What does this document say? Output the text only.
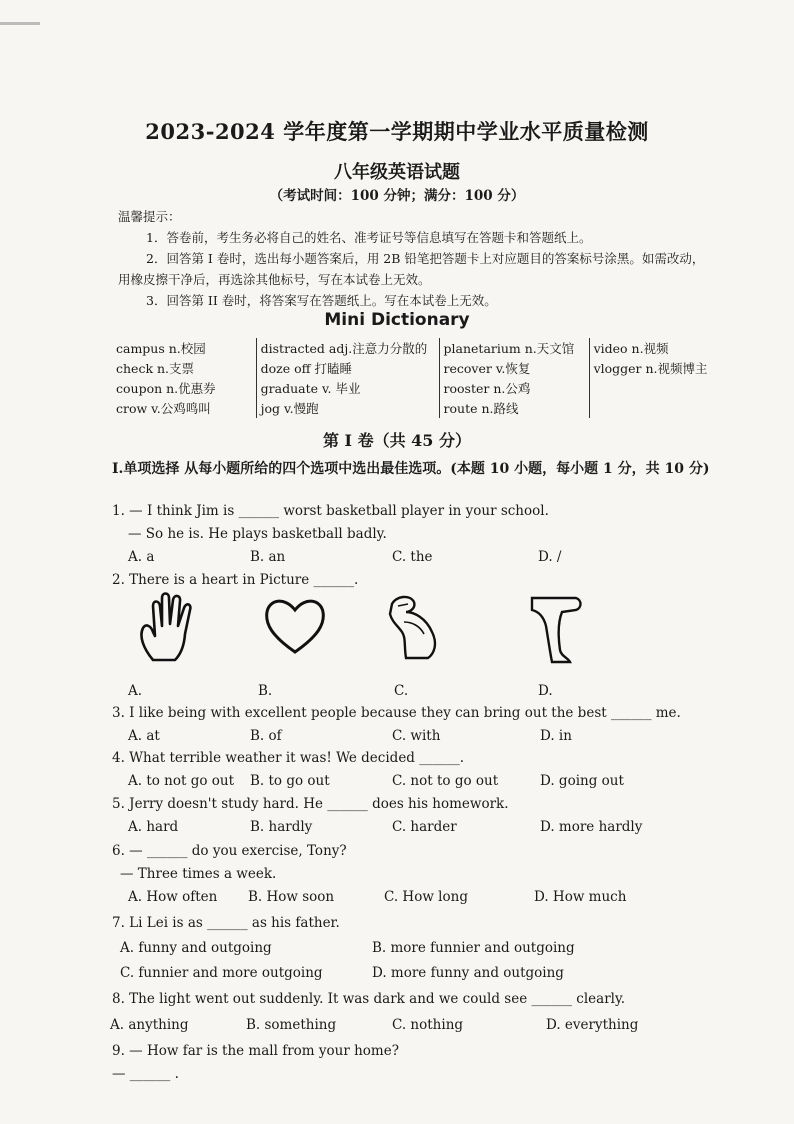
2023-2024 学年度第一学期期中学业水平质量检测
八年级英语试题
（考试时间：100 分钟；满分：100 分）
温馨提示：
1．答卷前，考生务必将自己的姓名、准考证号等信息填写在答题卡和答题纸上。
2．回答第 I 卷时，选出每小题答案后，用 2B 铅笔把答题卡上对应题目的答案标号涂黑。如需改动，
用橡皮擦干净后，再选涂其他标号，写在本试卷上无效。
3．回答第 II 卷时，将答案写在答题纸上。写在本试卷上无效。
Mini Dictionary
campus n.校园	distracted adj.注意力分散的	planetarium n.天文馆	video n.视频
check n.支票	doze off 打瞌睡	recover v.恢复	vlogger n.视频博主
coupon n.优惠券	graduate v. 毕业	rooster n.公鸡	
crow v.公鸡鸣叫	jog v.慢跑	route n.路线	
第 I 卷（共 45 分）
I.单项选择 从每小题所给的四个选项中选出最佳选项。(本题 10 小题，每小题 1 分，共 10 分)
1. — I think Jim is ______ worst basketball player in your school.
— So he is. He plays basketball badly.
A. a	B. an	C. the	D. /
2. There is a heart in Picture ______.
A.	B.	C.	D.
3. I like being with excellent people because they can bring out the best ______ me.
A. at	B. of	C. with	D. in
4. What terrible weather it was! We decided ______.
A. to not go out B. to go out	C. not to go out	D. going out
5. Jerry doesn't study hard. He ______ does his homework.
A. hard	B. hardly	C. harder	D. more hardly
6. — ______ do you exercise, Tony?
— Three times a week.
A. How often B. How soon	C. How long	D. How much
7. Li Lei is as ______ as his father.
A. funny and outgoing	B. more funnier and outgoing
C. funnier and more outgoing	D. more funny and outgoing
8. The light went out suddenly. It was dark and we could see ______ clearly.
A. anything	B. something	C. nothing	D. everything
9. — How far is the mall from your home?
— ______ .
